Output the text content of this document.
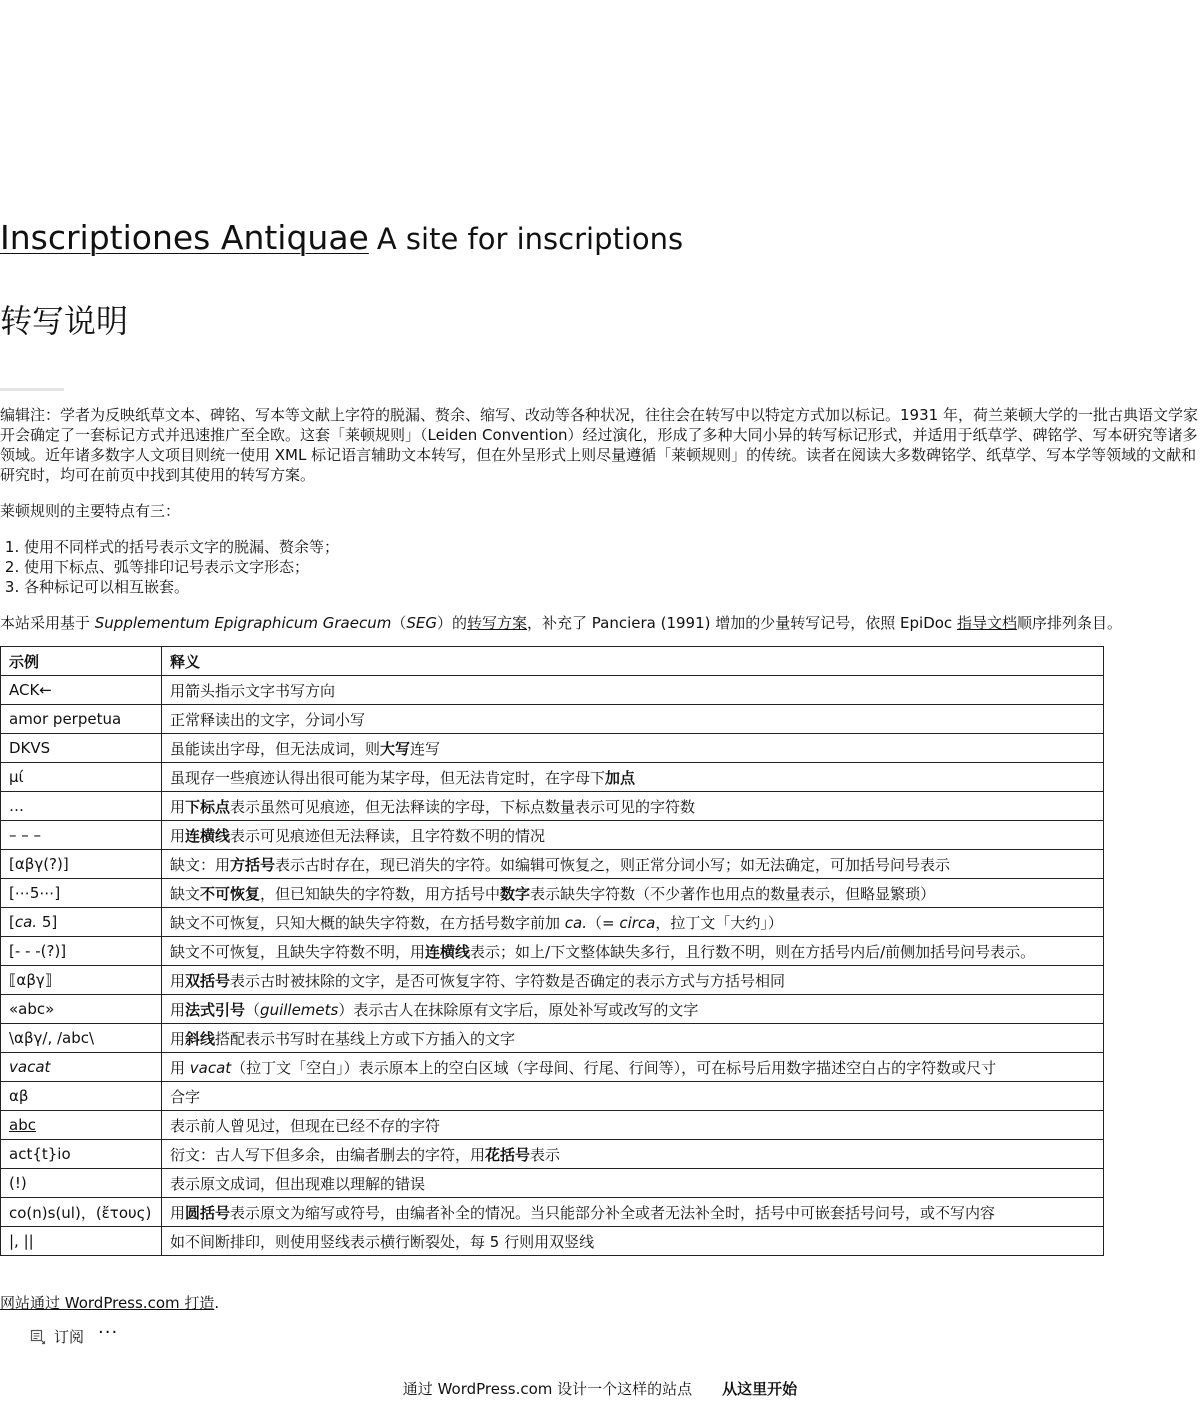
Inscriptiones Antiquae A site for inscriptions
转写说明

编辑注：学者为反映纸草文本、碑铭、写本等文献上字符的脱漏、赘余、缩写、改动等各种状况，往往会在转写中以特定方式加以标记。1931 年，荷兰莱顿大学的一批古典语文学家开会确定了一套标记方式并迅速推广至全欧。这套「莱顿规则」（Leiden Convention）经过演化，形成了多种大同小异的转写标记形式，并适用于纸草学、碑铭学、写本研究等诸多领域。近年诸多数字人文项目则统一使用 XML 标记语言辅助文本转写，但在外呈形式上则尽量遵循「莱顿规则」的传统。读者在阅读大多数碑铭学、纸草学、写本学等领域的文献和研究时，均可在前页中找到其使用的转写方案。

莱顿规则的主要特点有三：

1. 使用不同样式的括号表示文字的脱漏、赘余等；
2. 使用下标点、弧等排印记号表示文字形态；
3. 各种标记可以相互嵌套。

本站采用基于 Supplementum Epigraphicum Graecum（SEG）的转写方案，补充了 Panciera (1991) 增加的少量转写记号，依照 EpiDoc 指导文档顺序排列条目。

示例	释义
ACK←	用箭头指示文字书写方向
amor perpetua	正常释读出的文字，分词小写
DKVS	虽能读出字母，但无法成词，则大写连写
μί	虽现存一些痕迹认得出很可能为某字母，但无法肯定时，在字母下加点
…	用下标点表示虽然可见痕迹，但无法释读的字母，下标点数量表示可见的字符数
– – –	用连横线表示可见痕迹但无法释读，且字符数不明的情况
[αβγ(?)]	缺文：用方括号表示古时存在，现已消失的字符。如编辑可恢复之，则正常分词小写；如无法确定，可加括号问号表示
[⋯5⋯]	缺文不可恢复，但已知缺失的字符数，用方括号中数字表示缺失字符数（不少著作也用点的数量表示，但略显繁琐）
[ca. 5]	缺文不可恢复，只知大概的缺失字符数，在方括号数字前加 ca.（= circa，拉丁文「大约」）
[- - -(?)]	缺文不可恢复，且缺失字符数不明，用连横线表示；如上/下文整体缺失多行，且行数不明，则在方括号内后/前侧加括号问号表示。
⟦αβγ⟧	用双括号表示古时被抹除的文字，是否可恢复字符、字符数是否确定的表示方式与方括号相同
«abc»	用法式引号（guillemets）表示古人在抹除原有文字后，原处补写或改写的文字
\αβγ/, /abc\	用斜线搭配表示书写时在基线上方或下方插入的文字
vacat	用 vacat（拉丁文「空白」）表示原本上的空白区域（字母间、行尾、行间等），可在标号后用数字描述空白占的字符数或尺寸
αβ	合字
abc	表示前人曾见过，但现在已经不存的字符
act{t}io	衍文：古人写下但多余，由编者删去的字符，用花括号表示
(!)	表示原文成词，但出现难以理解的错误
co(n)s(ul)，(ἔτους)	用圆括号表示原文为缩写或符号，由编者补全的情况。当只能部分补全或者无法补全时，括号中可嵌套括号问号，或不写内容
|, ||	如不间断排印，则使用竖线表示横行断裂处，每 5 行则用双竖线
网站通过 WordPress.com 打造.
订阅 ···
通过 WordPress.com 设计一个这样的站点 从这里开始
